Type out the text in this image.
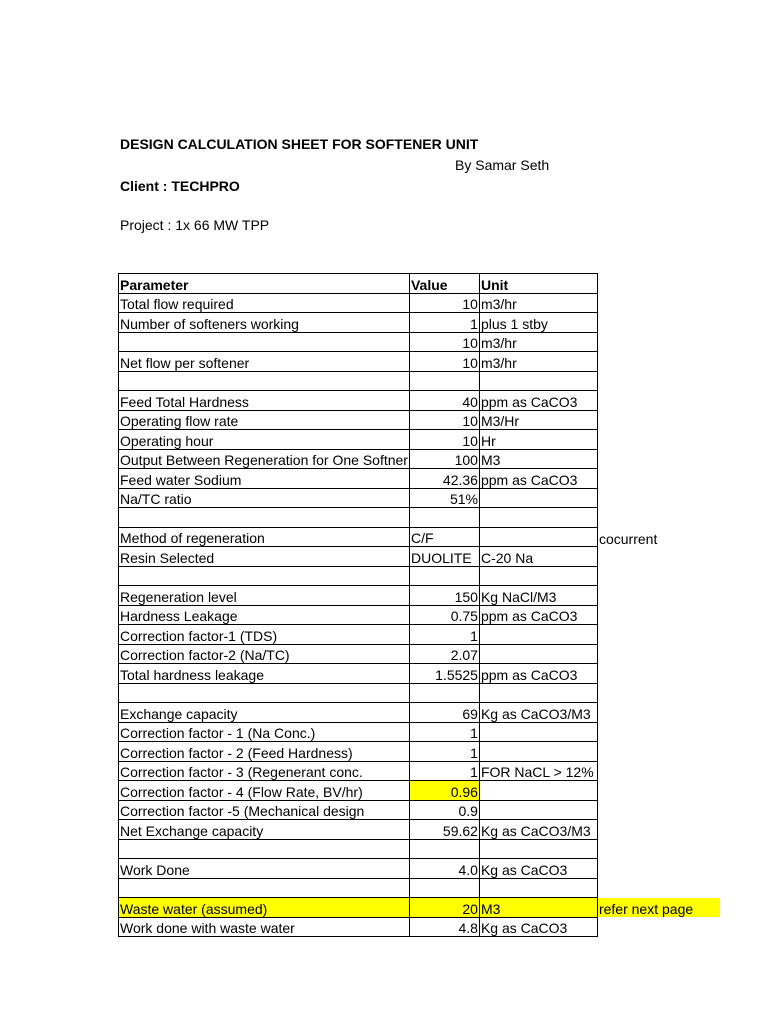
DESIGN CALCULATION SHEET FOR SOFTENER UNIT
By Samar Seth
Client : TECHPRO
Project : 1x 66 MW TPP
Parameter	Value	Unit	
Total flow required	10	m3/hr	
Number of softeners working	1	plus 1 stby	
	10	m3/hr	
Net flow per softener	10	m3/hr	

Feed Total Hardness	40	ppm as CaCO3	
Operating flow rate	10	M3/Hr	
Operating hour	10	Hr	
Output Between Regeneration for One Softner	100	M3	
Feed water Sodium	42.36	ppm as CaCO3	
Na/TC ratio	51%		

Method of regeneration	C/F		cocurrent
Resin Selected	DUOLITE	C-20 Na	

Regeneration level	150	Kg NaCl/M3	
Hardness Leakage	0.75	ppm as CaCO3	
Correction factor-1 (TDS)	1		
Correction factor-2 (Na/TC)	2.07		
Total hardness leakage	1.5525	ppm as CaCO3	

Exchange capacity	69	Kg as CaCO3/M3	
Correction factor - 1 (Na Conc.)	1		
Correction factor - 2 (Feed Hardness)	1		
Correction factor - 3 (Regenerant conc.	1	FOR NaCL > 12%	
Correction factor - 4 (Flow Rate, BV/hr)	0.96		
Correction factor -5 (Mechanical design	0.9		
Net Exchange capacity	59.62	Kg as CaCO3/M3	

Work Done	4.0	Kg as CaCO3	

Waste water (assumed)	20	M3	refer next page
Work done with waste water	4.8	Kg as CaCO3	
